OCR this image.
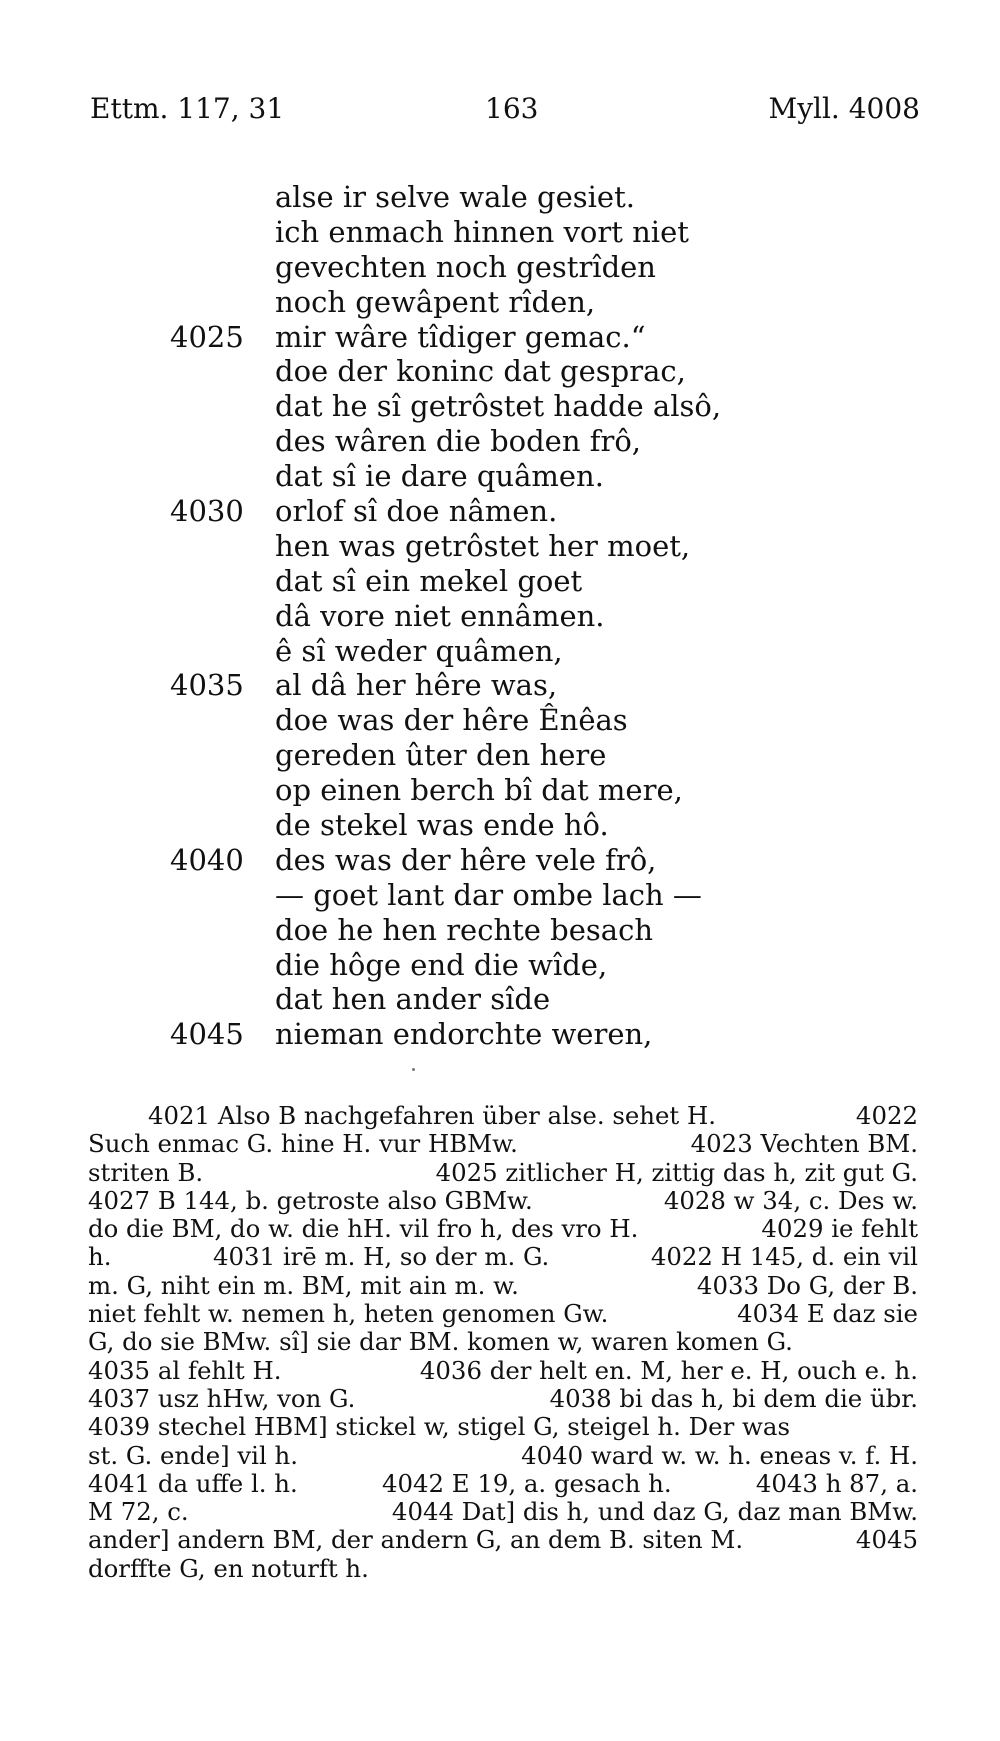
Ettm. 117, 31	163	Myll. 4008
alse ir selve wale gesiet.
ich enmach hinnen vort niet
gevechten noch gestrîden
noch gewâpent rîden,
4025 mir wâre tîdiger gemac.“
doe der koninc dat gesprac,
dat he sî getrôstet hadde alsô,
des wâren die boden frô,
dat sî ie dare quâmen.
4030 orlof sî doe nâmen.
hen was getrôstet her moet,
dat sî ein mekel goet
dâ vore niet ennâmen.
ê sî weder quâmen,
4035 al dâ her hêre was,
doe was der hêre Ênêas
gereden ûter den here
op einen berch bî dat mere,
de stekel was ende hô.
4040 des was der hêre vele frô,
— goet lant dar ombe lach —
doe he hen rechte besach
die hôge end die wîde,
dat hen ander sîde
4045 nieman endorchte weren,
4021 Also B nachgefahren über alse. sehet H.	4022
Such enmac G. hine H. vur HBMw.	4023 Vechten BM.
striten B.	4025 zitlicher H, zittig das h, zit gut G.
4027 B 144, b. getroste also GBMw.	4028 w 34, c. Des w.
do die BM, do w. die hH. vil fro h, des vro H.	4029 ie fehlt
h.	4031 irē m. H, so der m. G.	4022 H 145, d. ein vil
m. G, niht ein m. BM, mit ain m. w.	4033 Do G, der B.
niet fehlt w. nemen h, heten genomen Gw.	4034 E daz sie
G, do sie BMw. sî] sie dar BM. komen w, waren komen G.
4035 al fehlt H.	4036 der helt en. M, her e. H, ouch e. h.
4037 usz hHw, von G.	4038 bi das h, bi dem die übr.
4039 stechel HBM] stickel w, stigel G, steigel h. Der was
st. G. ende] vil h.	4040 ward w. w. h. eneas v. f. H.
4041 da uffe l. h.	4042 E 19, a. gesach h.	4043 h 87, a.
M 72, c.	4044 Dat] dis h, und daz G, daz man BMw.
ander] andern BM, der andern G, an dem B. siten M.	4045
dorffte G, en noturft h.
